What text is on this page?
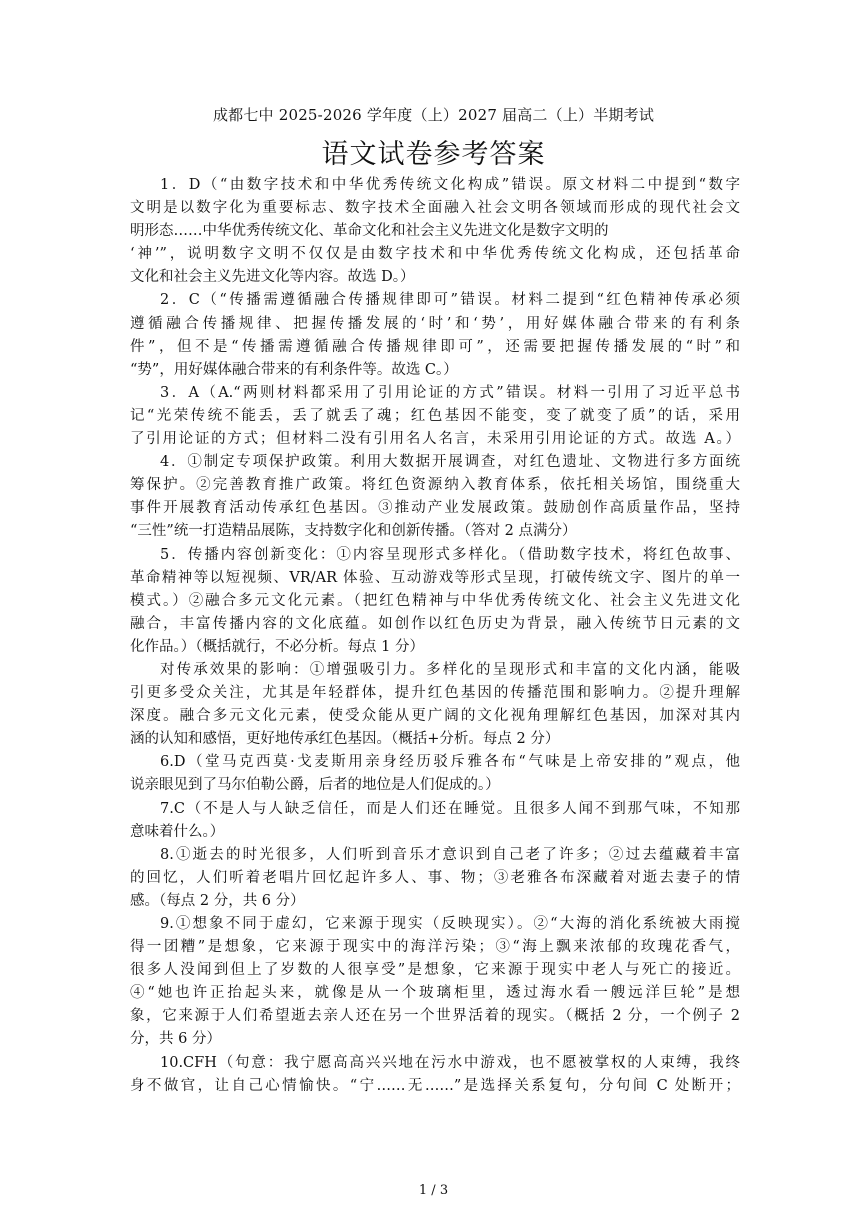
成都七中 2025-2026 学年度（上）2027 届高二（上）半期考试
语文试卷参考答案
1．D（“由数字技术和中华优秀传统文化构成”错误。原文材料二中提到“数字
文明是以数字化为重要标志、数字技术全面融入社会文明各领域而形成的现代社会文
明形态……中华优秀传统文化、革命文化和社会主义先进文化是数字文明的
‘神’”，说明数字文明不仅仅是由数字技术和中华优秀传统文化构成，还包括革命
文化和社会主义先进文化等内容。故选 D。）
2．C（“传播需遵循融合传播规律即可”错误。材料二提到“红色精神传承必须
遵循融合传播规律、把握传播发展的‘时’和‘势’，用好媒体融合带来的有利条
件”，但不是“传播需遵循融合传播规律即可”，还需要把握传播发展的“时”和
“势”，用好媒体融合带来的有利条件等。故选 C。）
3．A（A.“两则材料都采用了引用论证的方式”错误。材料一引用了习近平总书
记“光荣传统不能丢，丢了就丢了魂；红色基因不能变，变了就变了质”的话，采用
了引用论证的方式；但材料二没有引用名人名言，未采用引用论证的方式。故选 A。）
4．①制定专项保护政策。利用大数据开展调查，对红色遗址、文物进行多方面统
筹保护。②完善教育推广政策。将红色资源纳入教育体系，依托相关场馆，围绕重大
事件开展教育活动传承红色基因。③推动产业发展政策。鼓励创作高质量作品，坚持
“三性”统一打造精品展陈，支持数字化和创新传播。（答对 2 点满分）
5．传播内容创新变化：①内容呈现形式多样化。（借助数字技术，将红色故事、
革命精神等以短视频、VR/AR 体验、互动游戏等形式呈现，打破传统文字、图片的单一
模式。）②融合多元文化元素。（把红色精神与中华优秀传统文化、社会主义先进文化
融合，丰富传播内容的文化底蕴。如创作以红色历史为背景，融入传统节日元素的文
化作品。）（概括就行，不必分析。每点 1 分）
对传承效果的影响：①增强吸引力。多样化的呈现形式和丰富的文化内涵，能吸
引更多受众关注，尤其是年轻群体，提升红色基因的传播范围和影响力。②提升理解
深度。融合多元文化元素，使受众能从更广阔的文化视角理解红色基因，加深对其内
涵的认知和感悟，更好地传承红色基因。（概括+分析。每点 2 分）
6.D（堂马克西莫·戈麦斯用亲身经历驳斥雅各布“气味是上帝安排的”观点，他
说亲眼见到了马尔伯勒公爵，后者的地位是人们促成的。）
7.C（不是人与人缺乏信任，而是人们还在睡觉。且很多人闻不到那气味，不知那
意味着什么。）
8.①逝去的时光很多，人们听到音乐才意识到自己老了许多；②过去蕴藏着丰富
的回忆，人们听着老唱片回忆起许多人、事、物；③老雅各布深藏着对逝去妻子的情
感。（每点 2 分，共 6 分）
9.①想象不同于虚幻，它来源于现实（反映现实）。②“大海的消化系统被大雨搅
得一团糟”是想象，它来源于现实中的海洋污染；③“海上飘来浓郁的玫瑰花香气，
很多人没闻到但上了岁数的人很享受”是想象，它来源于现实中老人与死亡的接近。
④“她也许正抬起头来，就像是从一个玻璃柜里，透过海水看一艘远洋巨轮”是想
象，它来源于人们希望逝去亲人还在另一个世界活着的现实。（概括 2 分，一个例子 2
分，共 6 分）
10.CFH（句意：我宁愿高高兴兴地在污水中游戏，也不愿被掌权的人束缚，我终
身不做官，让自己心情愉快。“宁……无……”是选择关系复句，分句间 C 处断开；
1 / 3
